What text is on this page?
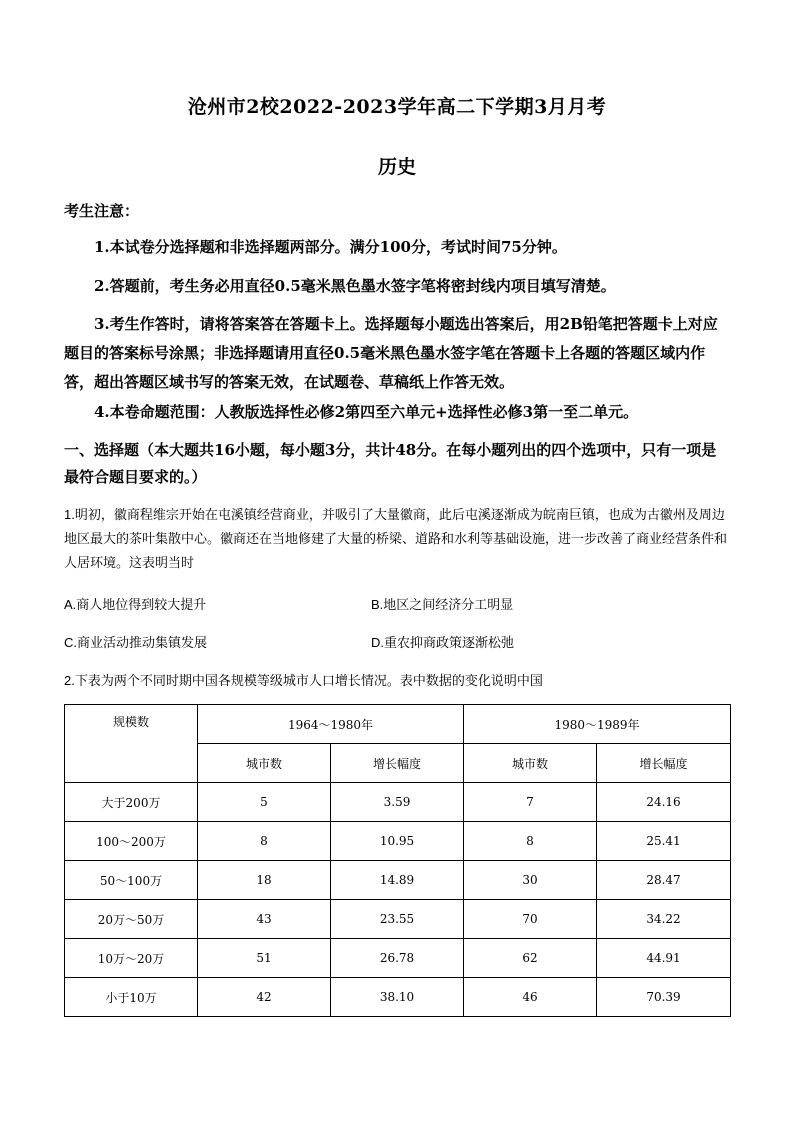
沧州市2校2022-2023学年高二下学期3月月考
历史
考生注意：
1.本试卷分选择题和非选择题两部分。满分100分，考试时间75分钟。
2.答题前，考生务必用直径0.5毫米黑色墨水签字笔将密封线内项目填写清楚。
3.考生作答时，请将答案答在答题卡上。选择题每小题选出答案后，用2B铅笔把答题卡上对应题目的答案标号涂黑；非选择题请用直径0.5毫米黑色墨水签字笔在答题卡上各题的答题区域内作答，超出答题区域书写的答案无效，在试题卷、草稿纸上作答无效。
4.本卷命题范围：人教版选择性必修2第四至六单元+选择性必修3第一至二单元。
一、选择题（本大题共16小题，每小题3分，共计48分。在每小题列出的四个选项中，只有一项是最符合题目要求的。）
1.明初，徽商程维宗开始在屯溪镇经营商业，并吸引了大量徽商，此后屯溪逐渐成为皖南巨镇，也成为古徽州及周边地区最大的茶叶集散中心。徽商还在当地修建了大量的桥梁、道路和水利等基础设施，进一步改善了商业经营条件和人居环境。这表明当时
A.商人地位得到较大提升	B.地区之间经济分工明显
C.商业活动推动集镇发展	D.重农抑商政策逐渐松弛
2.下表为两个不同时期中国各规模等级城市人口增长情况。表中数据的变化说明中国
规模数	1964～1980年		1980～1989年	
	城市数	增长幅度	城市数	增长幅度
大于200万	5	3.59	7	24.16
100～200万	8	10.95	8	25.41
50～100万	18	14.89	30	28.47
20万～50万	43	23.55	70	34.22
10万～20万	51	26.78	62	44.91
小于10万	42	38.10	46	70.39
